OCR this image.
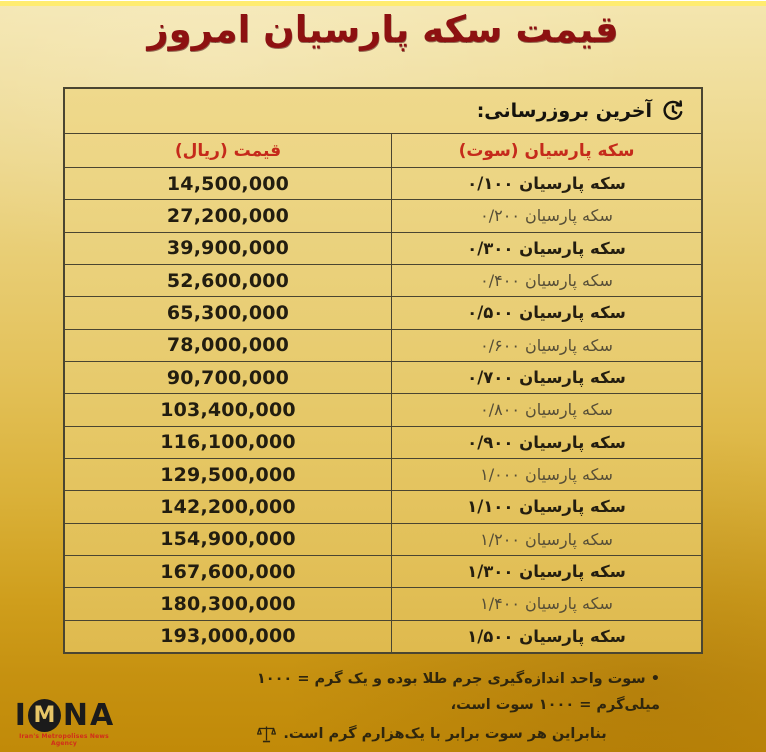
قیمت سکه پارسیان امروز
آخرین بروزرسانی:
سکه پارسیان (سوت)
قیمت (ریال)
سکه پارسیان ۰/۱۰۰
14,500,000
سکه پارسیان ۰/۲۰۰
27,200,000
سکه پارسیان ۰/۳۰۰
39,900,000
سکه پارسیان ۰/۴۰۰
52,600,000
سکه پارسیان ۰/۵۰۰
65,300,000
سکه پارسیان ۰/۶۰۰
78,000,000
سکه پارسیان ۰/۷۰۰
90,700,000
سکه پارسیان ۰/۸۰۰
103,400,000
سکه پارسیان ۰/۹۰۰
116,100,000
سکه پارسیان ۱/۰۰۰
129,500,000
سکه پارسیان ۱/۱۰۰
142,200,000
سکه پارسیان ۱/۲۰۰
154,900,000
سکه پارسیان ۱/۳۰۰
167,600,000
سکه پارسیان ۱/۴۰۰
180,300,000
سکه پارسیان ۱/۵۰۰
193,000,000
• سوت واحد اندازه‌گیری جرم طلا بوده و یک گرم = ۱۰۰۰ میلی‌گرم = ۱۰۰۰ سوت است،
بنابراین هر سوت برابر با یک‌هزارم گرم است.
I M N A
Iran's Metropolises News Agency
